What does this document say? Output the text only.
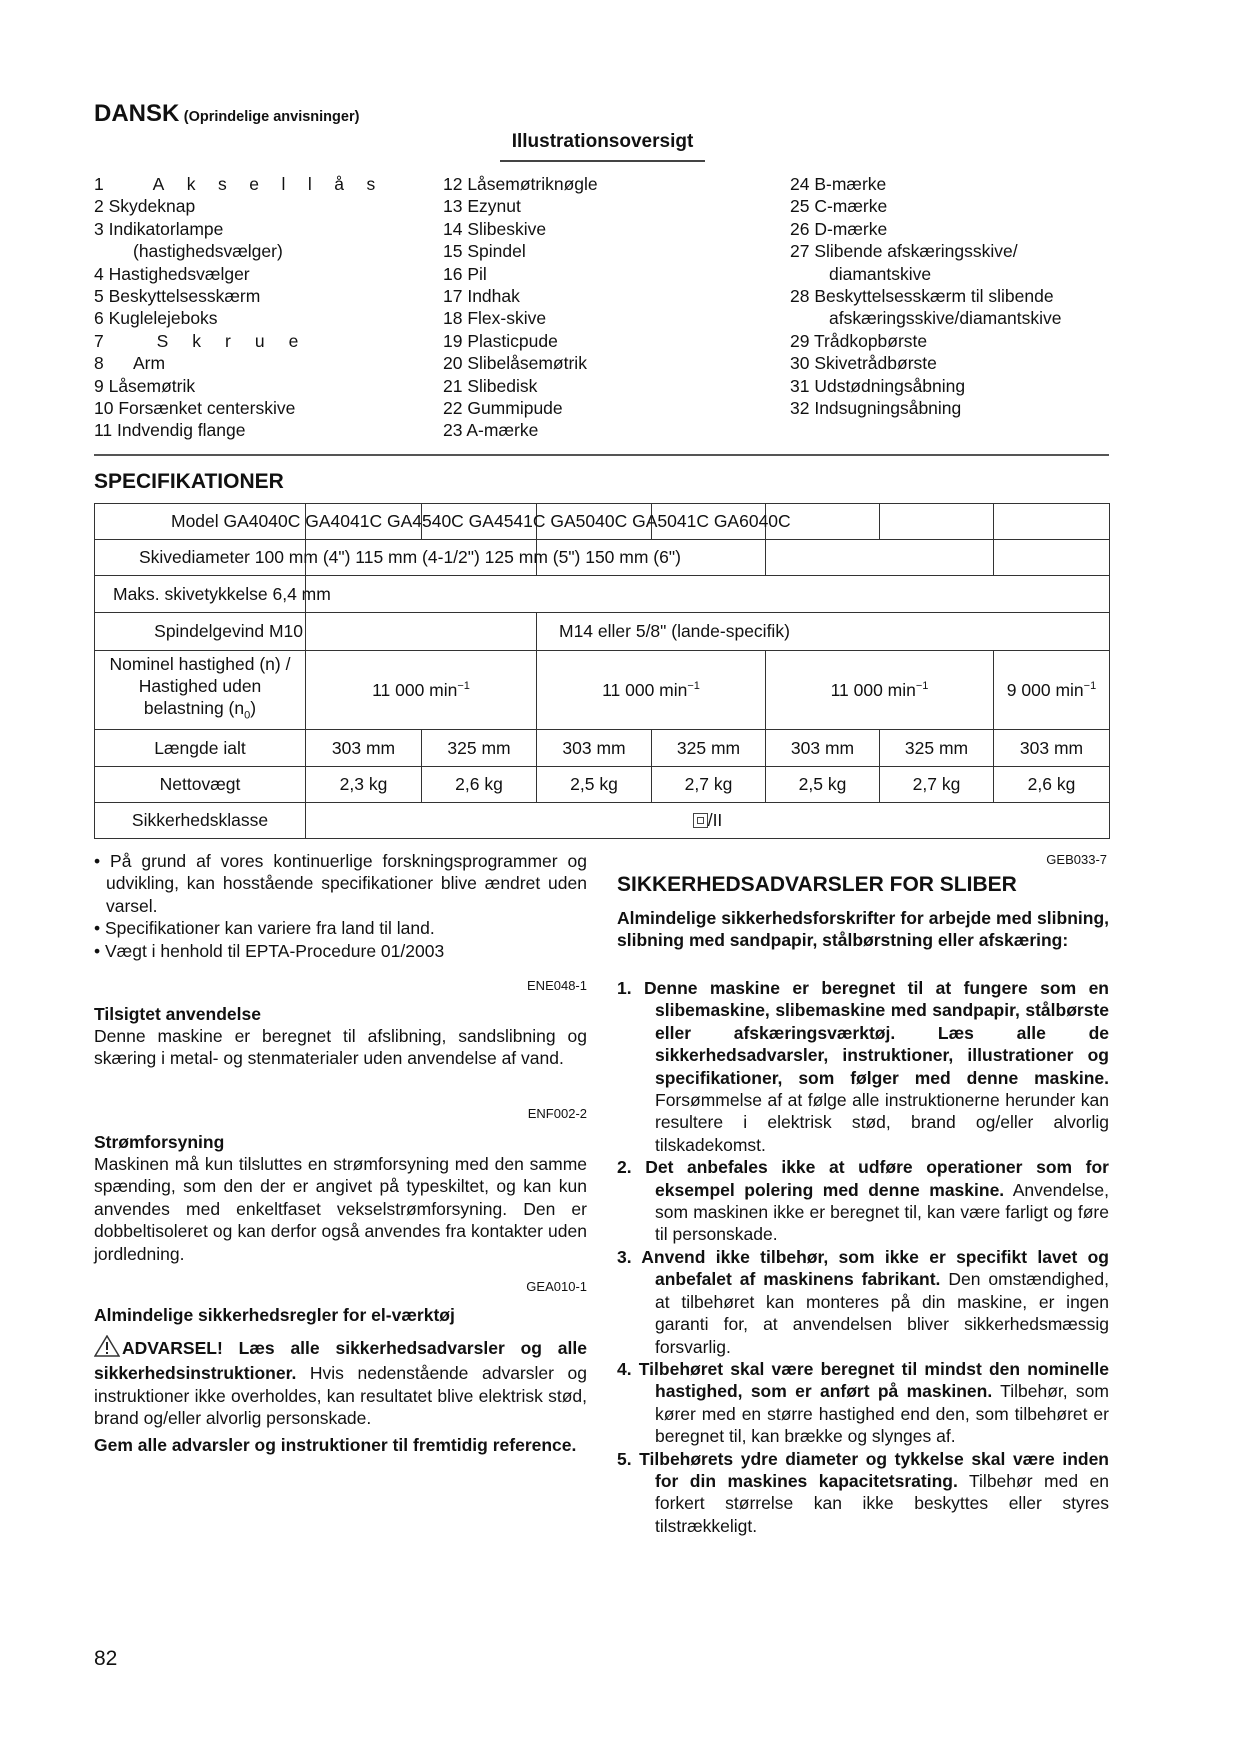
DANSK (Oprindelige anvisninger)
Illustrationsoversigt
1 Aksellås
2 Skydeknap
3 Indikatorlampe
(hastighedsvælger)
4 Hastighedsvælger
5 Beskyttelsesskærm
6 Kuglelejeboks
7 Skrue
8 Arm
9 Låsemøtrik
10 Forsænket centerskive
11 Indvendig flange
12 Låsemøtriknøgle
13 Ezynut
14 Slibeskive
15 Spindel
16 Pil
17 Indhak
18 Flex-skive
19 Plasticpude
20 Slibelåsemøtrik
21 Slibedisk
22 Gummipude
23 A-mærke
24 B-mærke
25 C-mærke
26 D-mærke
27 Slibende afskæringsskive/
diamantskive
28 Beskyttelsesskærm til slibende
afskæringsskive/diamantskive
29 Trådkopbørste
30 Skivetrådbørste
31 Udstødningsåbning
32 Indsugningsåbning
SPECIFIKATIONER
Model GA4040C GA4041C GA4540C GA4541C GA5040C GA5041C GA6040C							

Skivediameter 100 mm (4") 115 mm (4-1/2") 125 mm (5") 150 mm (6")							

Maks. skivetykkelse 6,4 mm							

Spindelgevind M10			M14 eller 5/8" (lande-specifik)				

Nominel hastighed (n) /
Hastighed uden
belastning $(n_0)$	11 000 $\min^{-1}$		11 000 $\min^{-1}$		11 000 $\min^{-1}$		9 000 $\min^{-1}$
Længde ialt	303 mm	325 mm	303 mm	325 mm	303 mm	325 mm	303 mm
Nettovægt	2,3 kg	2,6 kg	2,5 kg	2,7 kg	2,5 kg	2,7 kg	2,6 kg
Sikkerhedsklasse	/II						
• På grund af vores kontinuerlige forskningsprogrammer og udvikling, kan hosstående specifikationer blive ændret uden varsel.
• Specifikationer kan variere fra land til land.
• Vægt i henhold til EPTA-Procedure 01/2003
ENE048-1
Tilsigtet anvendelse
Denne maskine er beregnet til afslibning, sandslibning og skæring i metal- og stenmaterialer uden anvendelse af vand.
ENF002-2
Strømforsyning
Maskinen må kun tilsluttes en strømforsyning med den samme spænding, som den der er angivet på typeskiltet, og kan kun anvendes med enkeltfaset vekselstrømforsyning. Den er dobbeltisoleret og kan derfor også anvendes fra kontakter uden jordledning.
GEA010-1
Almindelige sikkerhedsregler for el-værktøj
ADVARSEL! Læs alle sikkerhedsadvarsler og alle sikkerhedsinstruktioner. Hvis nedenstående advarsler og instruktioner ikke overholdes, kan resultatet blive elektrisk stød, brand og/eller alvorlig personskade.
Gem alle advarsler og instruktioner til fremtidig reference.
GEB033-7
SIKKERHEDSADVARSLER FOR SLIBER
Almindelige sikkerhedsforskrifter for arbejde med slibning, slibning med sandpapir, stålbørstning eller afskæring:
1. Denne maskine er beregnet til at fungere som en slibemaskine, slibemaskine med sandpapir, stålbørste eller afskæringsværktøj. Læs alle de sikkerhedsadvarsler, instruktioner, illustrationer og specifikationer, som følger med denne maskine. Forsømmelse af at følge alle instruktionerne herunder kan resultere i elektrisk stød, brand og/eller alvorlig tilskadekomst.
2. Det anbefales ikke at udføre operationer som for eksempel polering med denne maskine. Anvendelse, som maskinen ikke er beregnet til, kan være farligt og føre til personskade.
3. Anvend ikke tilbehør, som ikke er specifikt lavet og anbefalet af maskinens fabrikant. Den omstændighed, at tilbehøret kan monteres på din maskine, er ingen garanti for, at anvendelsen bliver sikkerhedsmæssig forsvarlig.
4. Tilbehøret skal være beregnet til mindst den nominelle hastighed, som er anført på maskinen. Tilbehør, som kører med en større hastighed end den, som tilbehøret er beregnet til, kan brække og slynges af.
5. Tilbehørets ydre diameter og tykkelse skal være inden for din maskines kapacitetsrating. Tilbehør med en forkert størrelse kan ikke beskyttes eller styres tilstrækkeligt.
82
